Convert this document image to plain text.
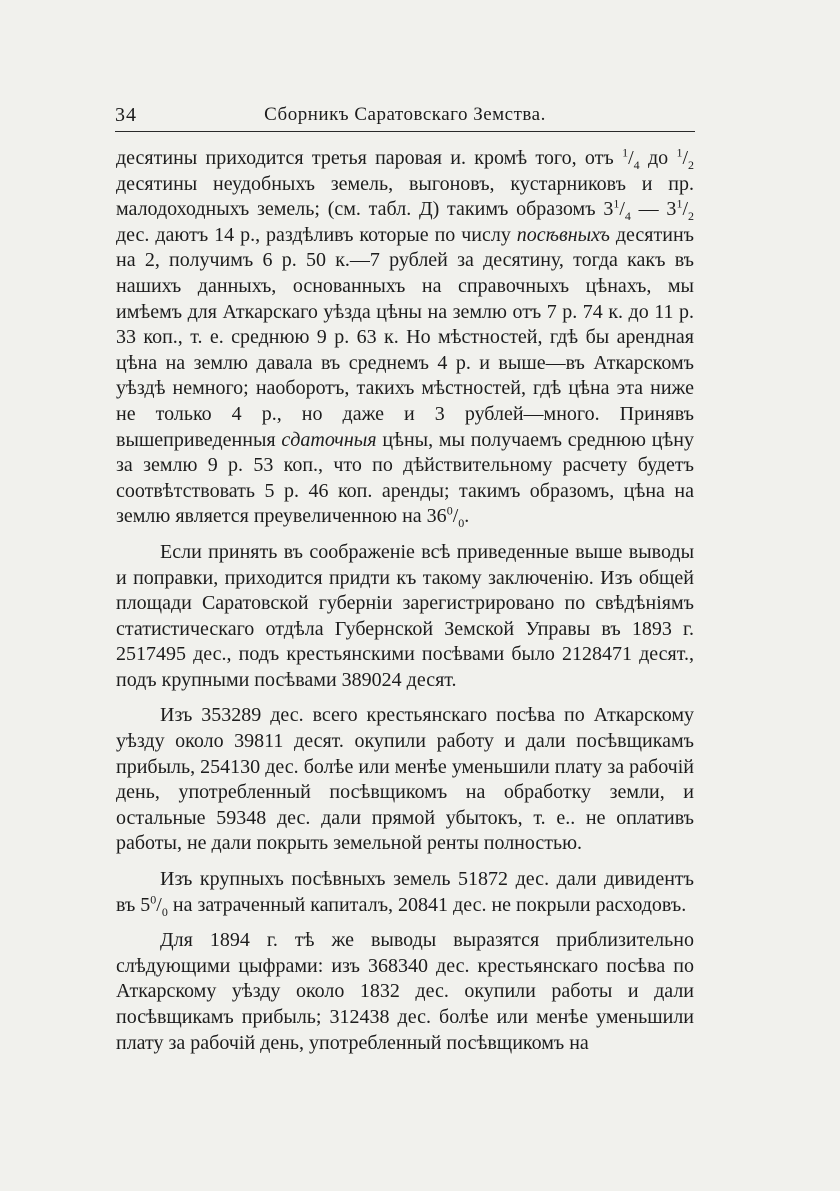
34	Сборникъ Саратовскаго Земства.

десятины приходится третья паровая и. кромѣ того, отъ $^1/_4$ до $^1/_2$ десятины неудобныхъ земель, выгоновъ, кустарниковъ и пр. малодоходныхъ земель; (см. табл. Д) такимъ образомъ $3^1/_4$ — $3^1/_2$ дес. даютъ 14 р., раздѣливъ которые по числу посѣвныхъ десятинъ на 2, получимъ 6 р. 50 к.—7 рублей за десятину, тогда какъ въ нашихъ данныхъ, основанныхъ на справочныхъ цѣнахъ, мы имѣемъ для Аткарскаго уѣзда цѣны на землю отъ 7 р. 74 к. до 11 р. 33 коп., т. е. среднюю 9 р. 63 к. Но мѣстностей, гдѣ бы арендная цѣна на землю давала въ среднемъ 4 р. и выше—въ Аткарскомъ уѣздѣ немного; наоборотъ, такихъ мѣстностей, гдѣ цѣна эта ниже не только 4 р., но даже и 3 рублей—много. Принявъ вышеприведенныя сдаточныя цѣны, мы получаемъ среднюю цѣну за землю 9 р. 53 коп., что по дѣйствительному расчету будетъ соотвѣтствовать 5 р. 46 коп. аренды; такимъ образомъ, цѣна на землю является преувеличенною на $36^0/_0$.

Если принять въ соображеніе всѣ приведенные выше выводы и поправки, приходится придти къ такому заключенію. Изъ общей площади Саратовской губерніи зарегистрировано по свѣдѣніямъ статистическаго отдѣла Губернской Земской Управы въ 1893 г. 2517495 дес., подъ крестьянскими посѣвами было 2128471 десят., подъ крупными посѣвами 389024 десят.

Изъ 353289 дес. всего крестьянскаго посѣва по Аткарскому уѣзду около 39811 десят. окупили работу и дали посѣвщикамъ прибыль, 254130 дес. болѣе или менѣе уменьшили плату за рабочій день, употребленный посѣвщикомъ на обработку земли, и остальные 59348 дес. дали прямой убытокъ, т. е.. не оплативъ работы, не дали покрыть земельной ренты полностью.

Изъ крупныхъ посѣвныхъ земель 51872 дес. дали дивидентъ въ $5^0/_0$ на затраченный капиталъ, 20841 дес. не покрыли расходовъ.

Для 1894 г. тѣ же выводы выразятся приблизительно слѣдующими цыфрами: изъ 368340 дес. крестьянскаго посѣва по Аткарскому уѣзду около 1832 дес. окупили работы и дали посѣвщикамъ прибыль; 312438 дес. болѣе или менѣе уменьшили плату за рабочій день, употребленный посѣвщикомъ на
